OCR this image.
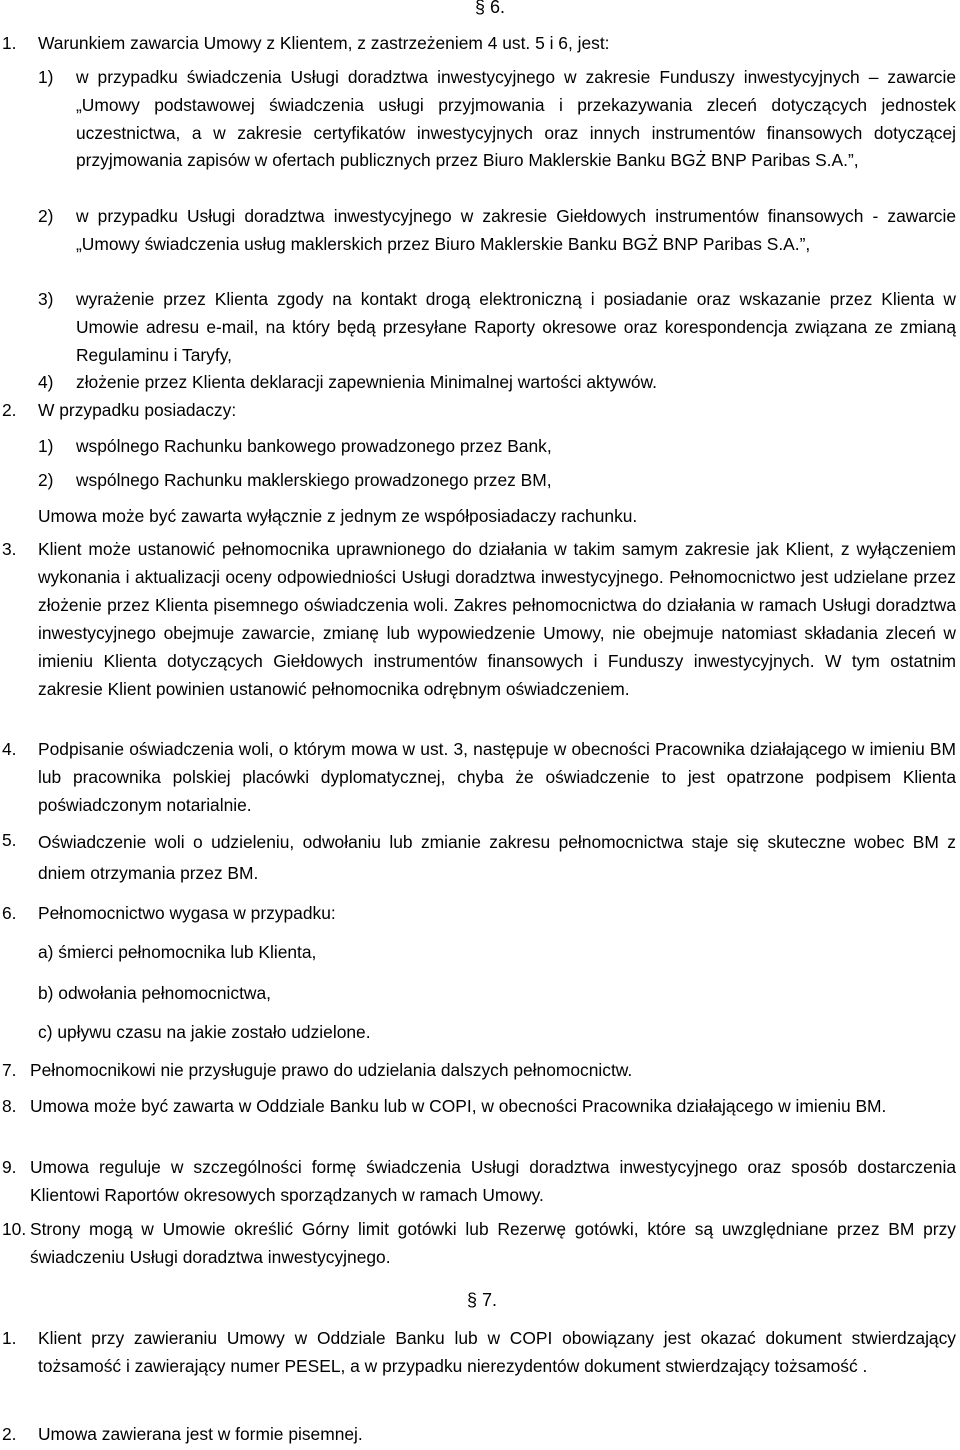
§ 6.
1. Warunkiem zawarcia Umowy z Klientem, z zastrzeżeniem 4 ust. 5 i 6, jest:
1) w przypadku świadczenia Usługi doradztwa inwestycyjnego w zakresie Funduszy inwestycyjnych – zawarcie „Umowy podstawowej świadczenia usługi przyjmowania i przekazywania zleceń dotyczących jednostek uczestnictwa, a w zakresie certyfikatów inwestycyjnych oraz innych instrumentów finansowych dotyczącej przyjmowania zapisów w ofertach publicznych przez Biuro Maklerskie Banku BGŻ BNP Paribas S.A.”,
2) w przypadku Usługi doradztwa inwestycyjnego w zakresie Giełdowych instrumentów finansowych - zawarcie „Umowy świadczenia usług maklerskich przez Biuro Maklerskie Banku BGŻ BNP Paribas S.A.”,
3) wyrażenie przez Klienta zgody na kontakt drogą elektroniczną i posiadanie oraz wskazanie przez Klienta w Umowie adresu e-mail, na który będą przesyłane Raporty okresowe oraz korespondencja związana ze zmianą Regulaminu i Taryfy,
4) złożenie przez Klienta deklaracji zapewnienia Minimalnej wartości aktywów.
2. W przypadku posiadaczy:
1) wspólnego Rachunku bankowego prowadzonego przez Bank,
2) wspólnego Rachunku maklerskiego prowadzonego przez BM,
Umowa może być zawarta wyłącznie z jednym ze współposiadaczy rachunku.
3. Klient może ustanowić pełnomocnika uprawnionego do działania w takim samym zakresie jak Klient, z wyłączeniem wykonania i aktualizacji oceny odpowiedniości Usługi doradztwa inwestycyjnego. Pełnomocnictwo jest udzielane przez złożenie przez Klienta pisemnego oświadczenia woli. Zakres pełnomocnictwa do działania w ramach Usługi doradztwa inwestycyjnego obejmuje zawarcie, zmianę lub wypowiedzenie Umowy, nie obejmuje natomiast składania zleceń w imieniu Klienta dotyczących Giełdowych instrumentów finansowych i Funduszy inwestycyjnych. W tym ostatnim zakresie Klient powinien ustanowić pełnomocnika odrębnym oświadczeniem.
4. Podpisanie oświadczenia woli, o którym mowa w ust. 3, następuje w obecności Pracownika działającego w imieniu BM lub pracownika polskiej placówki dyplomatycznej, chyba że oświadczenie to jest opatrzone podpisem Klienta poświadczonym notarialnie.
5. Oświadczenie woli o udzieleniu, odwołaniu lub zmianie zakresu pełnomocnictwa staje się skuteczne wobec BM z dniem otrzymania przez BM.
6. Pełnomocnictwo wygasa w przypadku:
a) śmierci pełnomocnika lub Klienta,
b) odwołania pełnomocnictwa,
c) upływu czasu na jakie zostało udzielone.
7. Pełnomocnikowi nie przysługuje prawo do udzielania dalszych pełnomocnictw.
8. Umowa może być zawarta w Oddziale Banku lub w COPI, w obecności Pracownika działającego w imieniu BM.
9. Umowa reguluje w szczególności formę świadczenia Usługi doradztwa inwestycyjnego oraz sposób dostarczenia Klientowi Raportów okresowych sporządzanych w ramach Umowy.
10. Strony mogą w Umowie określić Górny limit gotówki lub Rezerwę gotówki, które są uwzględniane przez BM przy świadczeniu Usługi doradztwa inwestycyjnego.
§ 7.
1. Klient przy zawieraniu Umowy w Oddziale Banku lub w COPI obowiązany jest okazać dokument stwierdzający tożsamość i zawierający numer PESEL, a w przypadku nierezydentów dokument stwierdzający tożsamość .
2. Umowa zawierana jest w formie pisemnej.
